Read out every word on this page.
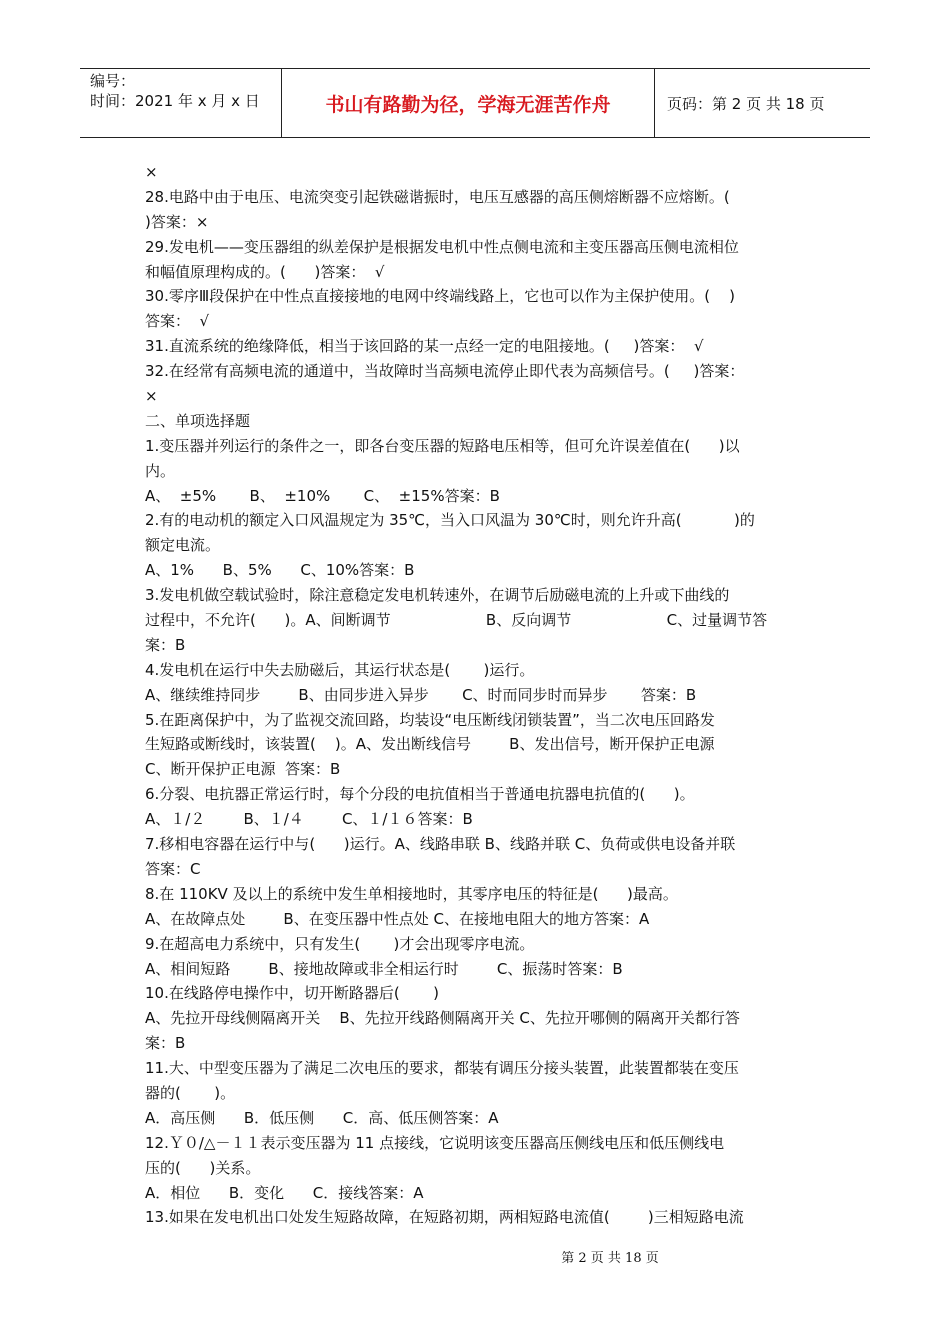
编号：
时间：2021 年 x 月 x 日	书山有路勤为径，学海无涯苦作舟	页码：第 2 页 共 18 页
×
28.电路中由于电压、电流突变引起铁磁谐振时，电压互感器的高压侧熔断器不应熔断。(
)答案：×
29.发电机——变压器组的纵差保护是根据发电机中性点侧电流和主变压器高压侧电流相位
和幅值原理构成的。(      )答案：  √
30.零序Ⅲ段保护在中性点直接接地的电网中终端线路上，它也可以作为主保护使用。(    )
答案：  √
31.直流系统的绝缘降低，相当于该回路的某一点经一定的电阻接地。(     )答案：  √
32.在经常有高频电流的通道中，当故障时当高频电流停止即代表为高频信号。(     )答案：
×
二、单项选择题
1.变压器并列运行的条件之一，即各台变压器的短路电压相等，但可允许误差值在(      )以
内。
A、  ±5%       B、  ±10%       C、  ±15%答案：B
2.有的电动机的额定入口风温规定为 35℃，当入口风温为 30℃时，则允许升高(           )的
额定电流。
A、1%      B、5%      C、10%答案：B
3.发电机做空载试验时，除注意稳定发电机转速外，在调节后励磁电流的上升或下曲线的
过程中，不允许(      )。A、间断调节                    B、反向调节                    C、过量调节答
案：B
4.发电机在运行中失去励磁后，其运行状态是(       )运行。
A、继续维持同步        B、由同步进入异步       C、时而同步时而异步       答案：B
5.在距离保护中，为了监视交流回路，均装设“电压断线闭锁装置”，当二次电压回路发
生短路或断线时，该装置(    )。A、发出断线信号        B、发出信号，断开保护正电源
C、断开保护正电源  答案：B
6.分裂、电抗器正常运行时，每个分段的电抗值相当于普通电抗器电抗值的(      )。
A、１/２        B、１/４        C、１/１６答案：B
7.移相电容器在运行中与(      )运行。A、线路串联 B、线路并联 C、负荷或供电设备并联
答案：C
8.在 110KV 及以上的系统中发生单相接地时，其零序电压的特征是(      )最高。
A、在故障点处        B、在变压器中性点处 C、在接地电阻大的地方答案：A
9.在超高电力系统中，只有发生(       )才会出现零序电流。
A、相间短路        B、接地故障或非全相运行时        C、振荡时答案：B
10.在线路停电操作中，切开断路器后(       )
A、先拉开母线侧隔离开关    B、先拉开线路侧隔离开关 C、先拉开哪侧的隔离开关都行答
案：B
11.大、中型变压器为了满足二次电压的要求，都装有调压分接头装置，此装置都装在变压
器的(       )。
A．高压侧      B．低压侧      C．高、低压侧答案：A
12.Ｙ０/△－１１表示变压器为 11 点接线，它说明该变压器高压侧线电压和低压侧线电
压的(      )关系。
A．相位      B．变化      C．接线答案：A
13.如果在发电机出口处发生短路故障，在短路初期，两相短路电流值(        )三相短路电流
第 2 页 共 18 页
